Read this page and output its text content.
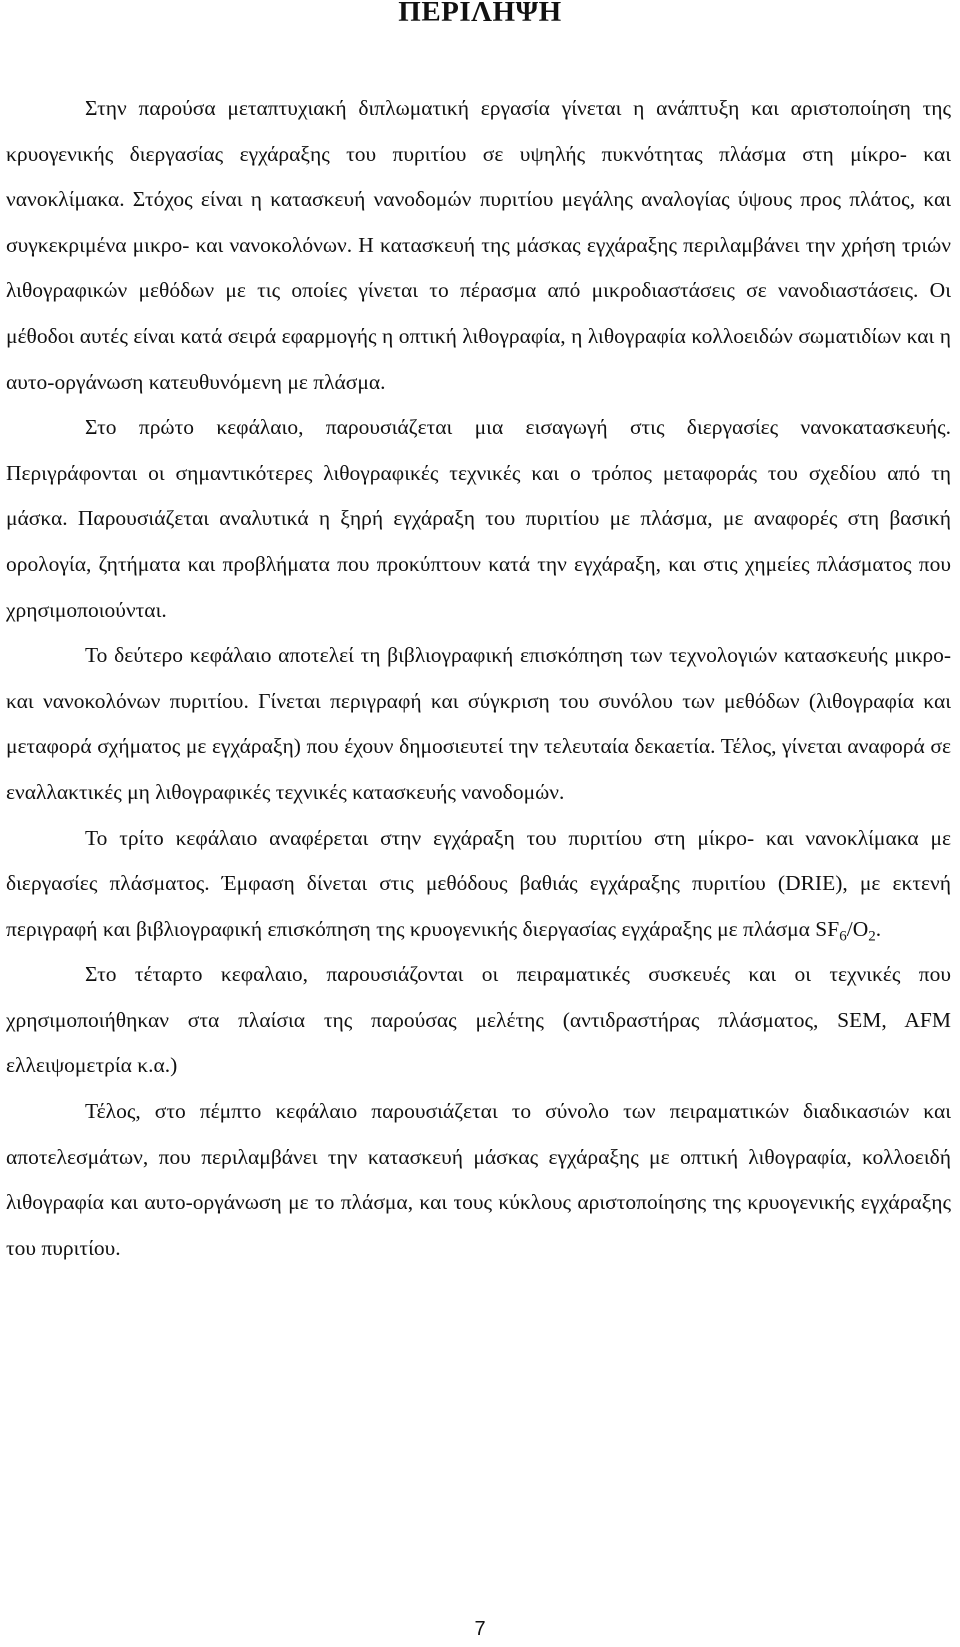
ΠΕΡΙΛΗΨΗ

Στην παρούσα μεταπτυχιακή διπλωματική εργασία γίνεται η ανάπτυξη και αριστοποίηση της κρυογενικής διεργασίας εγχάραξης του πυριτίου σε υψηλής πυκνότητας πλάσμα στη μίκρο- και νανοκλίμακα. Στόχος είναι η κατασκευή νανοδομών πυριτίου μεγάλης αναλογίας ύψους προς πλάτος, και συγκεκριμένα μικρο- και νανοκολόνων. Η κατασκευή της μάσκας εγχάραξης περιλαμβάνει την χρήση τριών λιθογραφικών μεθόδων με τις οποίες γίνεται το πέρασμα από μικροδιαστάσεις σε νανοδιαστάσεις. Οι μέθοδοι αυτές είναι κατά σειρά εφαρμογής η οπτική λιθογραφία, η λιθογραφία κολλοειδών σωματιδίων και η αυτο-οργάνωση κατευθυνόμενη με πλάσμα.

Στο πρώτο κεφάλαιο, παρουσιάζεται μια εισαγωγή στις διεργασίες νανοκατασκευής. Περιγράφονται οι σημαντικότερες λιθογραφικές τεχνικές και ο τρόπος μεταφοράς του σχεδίου από τη μάσκα. Παρουσιάζεται αναλυτικά η ξηρή εγχάραξη του πυριτίου με πλάσμα, με αναφορές στη βασική ορολογία, ζητήματα και προβλήματα που προκύπτουν κατά την εγχάραξη, και στις χημείες πλάσματος που χρησιμοποιούνται.

Το δεύτερο κεφάλαιο αποτελεί τη βιβλιογραφική επισκόπηση των τεχνολογιών κατασκευής μικρο- και νανοκολόνων πυριτίου. Γίνεται περιγραφή και σύγκριση του συνόλου των μεθόδων (λιθογραφία και μεταφορά σχήματος με εγχάραξη) που έχουν δημοσιευτεί την τελευταία δεκαετία. Τέλος, γίνεται αναφορά σε εναλλακτικές μη λιθογραφικές τεχνικές κατασκευής νανοδομών.

Το τρίτο κεφάλαιο αναφέρεται στην εγχάραξη του πυριτίου στη μίκρο- και νανοκλίμακα με διεργασίες πλάσματος. Έμφαση δίνεται στις μεθόδους βαθιάς εγχάραξης πυριτίου (DRIE), με εκτενή περιγραφή και βιβλιογραφική επισκόπηση της κρυογενικής διεργασίας εγχάραξης με πλάσμα $SF_6/O_2$.

Στο τέταρτο κεφαλαιο, παρουσιάζονται οι πειραματικές συσκευές και οι τεχνικές που χρησιμοποιήθηκαν στα πλαίσια της παρούσας μελέτης (αντιδραστήρας πλάσματος, SEM, AFM ελλειψομετρία κ.α.)

Τέλος, στο πέμπτο κεφάλαιο παρουσιάζεται το σύνολο των πειραματικών διαδικασιών και αποτελεσμάτων, που περιλαμβάνει την κατασκευή μάσκας εγχάραξης με οπτική λιθογραφία, κολλοειδή λιθογραφία και αυτο-οργάνωση με το πλάσμα, και τους κύκλους αριστοποίησης της κρυογενικής εγχάραξης του πυριτίου.

7
